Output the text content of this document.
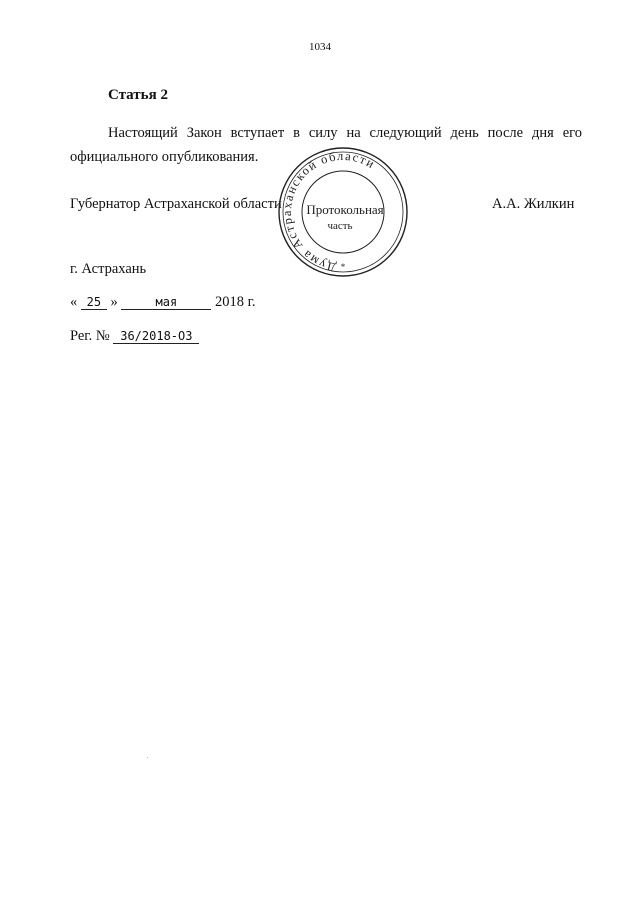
1034
Статья 2
Настоящий Закон вступает в силу на следующий день после дня его
официального опубликования.
Губернатор Астраханской области	А.А. Жилкин
Дума Астраханской области
*
Протокольная
часть
г. Астрахань
« 25 »	мая	2018 г.
Рег. № 36/2018-ОЗ
